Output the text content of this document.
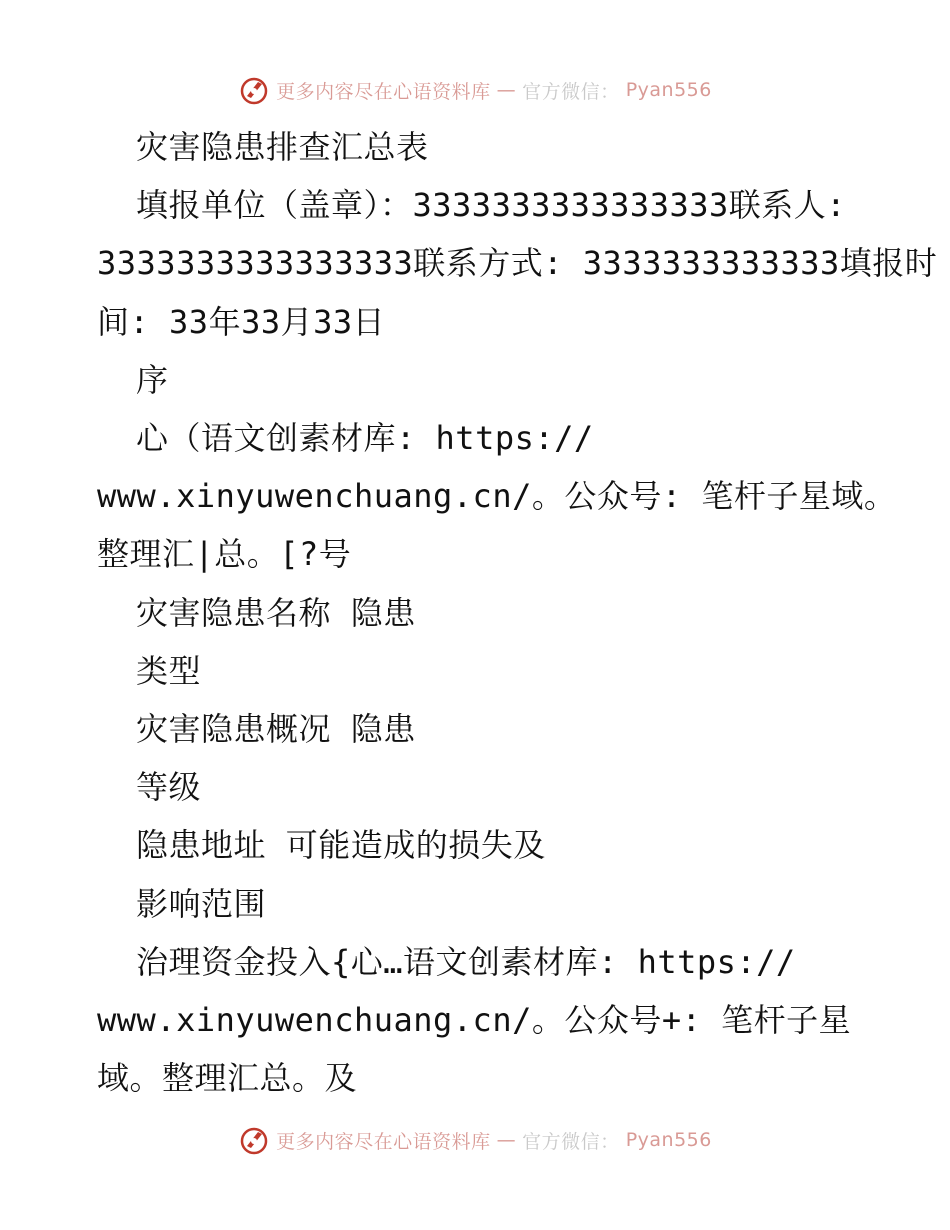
更多内容尽在心语资料库 — 官方微信： Pyan556
灾害隐患排查汇总表
填报单位（盖章）：3333333333333333联系人:
3333333333333333联系方式: 3333333333333填报时
间: 33年33月33日
序
心（语文创素材库: https://
www.xinyuwenchuang.cn/。公众号: 笔杆子星域。
整理汇|总。[?号
灾害隐患名称 隐患
类型
灾害隐患概况 隐患
等级
隐患地址 可能造成的损失及
影响范围
治理资金投入{心…语文创素材库: https://
www.xinyuwenchuang.cn/。公众号+: 笔杆子星
域。整理汇总。及
更多内容尽在心语资料库 — 官方微信： Pyan556
